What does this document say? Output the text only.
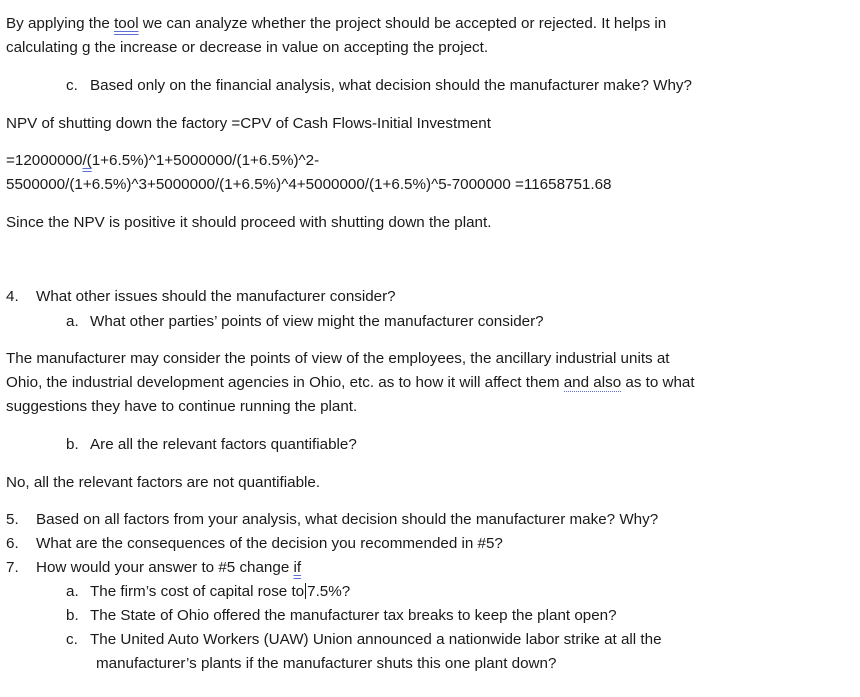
By applying the tool we can analyze whether the project should be accepted or rejected. It helps in
calculating g the increase or decrease in value on accepting the project.
c. Based only on the financial analysis, what decision should the manufacturer make? Why?
NPV of shutting down the factory =CPV of Cash Flows-Initial Investment
=12000000/(1+6.5%)^1+5000000/(1+6.5%)^2-
5500000/(1+6.5%)^3+5000000/(1+6.5%)^4+5000000/(1+6.5%)^5-7000000 =11658751.68
Since the NPV is positive it should proceed with shutting down the plant.
4. What other issues should the manufacturer consider?
a. What other parties’ points of view might the manufacturer consider?
The manufacturer may consider the points of view of the employees, the ancillary industrial units at
Ohio, the industrial development agencies in Ohio, etc. as to how it will affect them and also as to what
suggestions they have to continue running the plant.
b. Are all the relevant factors quantifiable?
No, all the relevant factors are not quantifiable.
5. Based on all factors from your analysis, what decision should the manufacturer make? Why?
6. What are the consequences of the decision you recommended in #5?
7. How would your answer to #5 change if
a. The firm’s cost of capital rose to 7.5%?
b. The State of Ohio offered the manufacturer tax breaks to keep the plant open?
c. The United Auto Workers (UAW) Union announced a nationwide labor strike at all the
manufacturer’s plants if the manufacturer shuts this one plant down?
